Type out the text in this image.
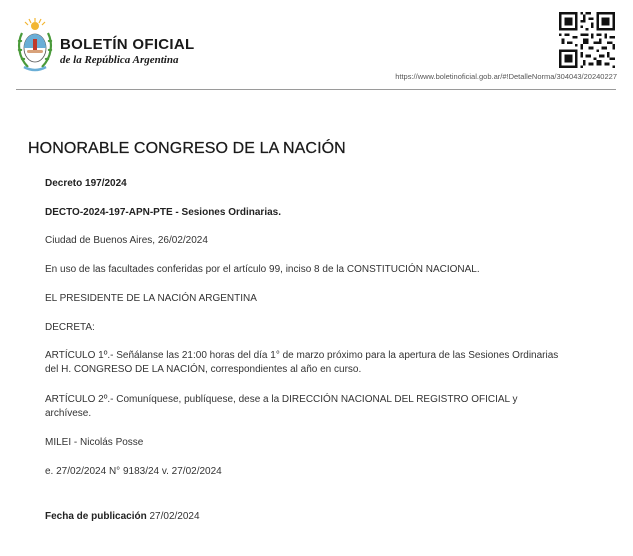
BOLETÍN OFICIAL
de la República Argentina
https://www.boletinoficial.gob.ar/#!DetalleNorma/304043/20240227
HONORABLE CONGRESO DE LA NACIÓN
Decreto 197/2024
DECTO-2024-197-APN-PTE - Sesiones Ordinarias.
Ciudad de Buenos Aires, 26/02/2024
En uso de las facultades conferidas por el artículo 99, inciso 8 de la CONSTITUCIÓN NACIONAL.
EL PRESIDENTE DE LA NACIÓN ARGENTINA
DECRETA:
ARTÍCULO 1º.- Señálanse las 21:00 horas del día 1° de marzo próximo para la apertura de las Sesiones Ordinarias
del H. CONGRESO DE LA NACIÓN, correspondientes al año en curso.
ARTÍCULO 2º.- Comuníquese, publíquese, dese a la DIRECCIÓN NACIONAL DEL REGISTRO OFICIAL y
archívese.
MILEI - Nicolás Posse
e. 27/02/2024 N° 9183/24 v. 27/02/2024
Fecha de publicación 27/02/2024
